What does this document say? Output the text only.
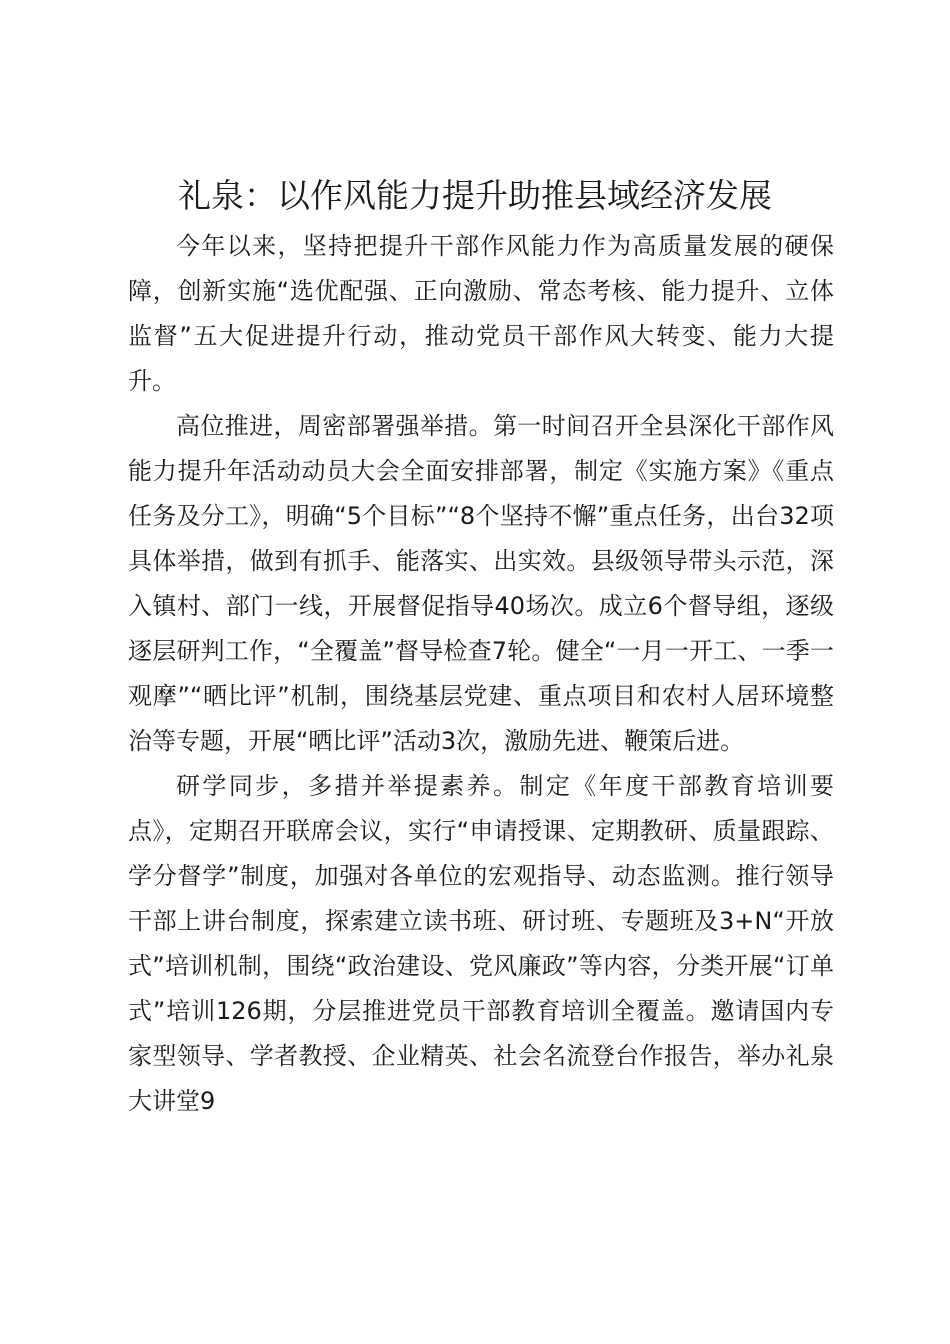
礼泉：以作风能力提升助推县域经济发展

今年以来，坚持把提升干部作风能力作为高质量发展的硬保障，创新实施“选优配强、正向激励、常态考核、能力提升、立体监督”五大促进提升行动，推动党员干部作风大转变、能力大提升。

高位推进，周密部署强举措。第一时间召开全县深化干部作风能力提升年活动动员大会全面安排部署，制定《实施方案》《重点任务及分工》，明确“5个目标”“8个坚持不懈”重点任务，出台32项具体举措，做到有抓手、能落实、出实效。县级领导带头示范，深入镇村、部门一线，开展督促指导40场次。成立6个督导组，逐级逐层研判工作，“全覆盖”督导检查7轮。健全“一月一开工、一季一观摩”“晒比评”机制，围绕基层党建、重点项目和农村人居环境整治等专题，开展“晒比评”活动3次，激励先进、鞭策后进。

研学同步，多措并举提素养。制定《年度干部教育培训要点》，定期召开联席会议，实行“申请授课、定期教研、质量跟踪、学分督学”制度，加强对各单位的宏观指导、动态监测。推行领导干部上讲台制度，探索建立读书班、研讨班、专题班及3+N“开放式”培训机制，围绕“政治建设、党风廉政”等内容，分类开展“订单式”培训126期，分层推进党员干部教育培训全覆盖。邀请国内专家型领导、学者教授、企业精英、社会名流登台作报告，举办礼泉大讲堂9
